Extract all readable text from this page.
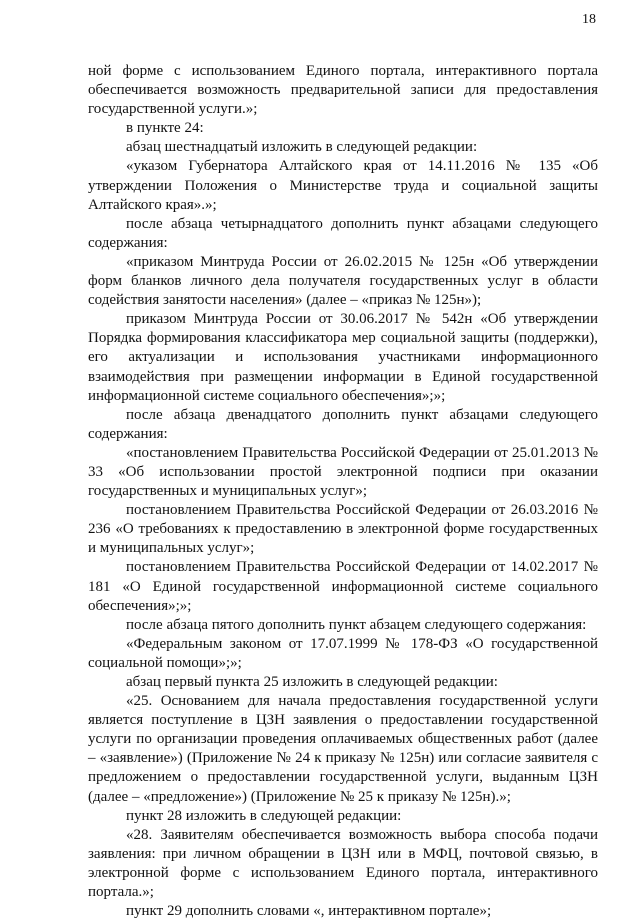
18

ной форме с использованием Единого портала, интерактивного портала обеспечивается возможность предварительной записи для предоставления государственной услуги.»;

в пункте 24:

абзац шестнадцатый изложить в следующей редакции:

«указом Губернатора Алтайского края от 14.11.2016 № 135 «Об утверждении Положения о Министерстве труда и социальной защиты Алтайского края».»;

после абзаца четырнадцатого дополнить пункт абзацами следующего содержания:

«приказом Минтруда России от 26.02.2015 № 125н «Об утверждении форм бланков личного дела получателя государственных услуг в области содействия занятости населения» (далее – «приказ № 125н»);

приказом Минтруда России от 30.06.2017 № 542н «Об утверждении Порядка формирования классификатора мер социальной защиты (поддержки), его актуализации и использования участниками информационного взаимодействия при размещении информации в Единой государственной информационной системе социального обеспечения»;»;

после абзаца двенадцатого дополнить пункт абзацами следующего содержания:

«постановлением Правительства Российской Федерации от 25.01.2013 № 33 «Об использовании простой электронной подписи при оказании государственных и муниципальных услуг»;

постановлением Правительства Российской Федерации от 26.03.2016 № 236 «О требованиях к предоставлению в электронной форме государственных и муниципальных услуг»;

постановлением Правительства Российской Федерации от 14.02.2017 № 181 «О Единой государственной информационной системе социального обеспечения»;»;

после абзаца пятого дополнить пункт абзацем следующего содержания:

«Федеральным законом от 17.07.1999 № 178-ФЗ «О государственной социальной помощи»;»;

абзац первый пункта 25 изложить в следующей редакции:

«25. Основанием для начала предоставления государственной услуги является поступление в ЦЗН заявления о предоставлении государственной услуги по организации проведения оплачиваемых общественных работ (далее – «заявление») (Приложение № 24 к приказу № 125н) или согласие заявителя с предложением о предоставлении государственной услуги, выданным ЦЗН (далее – «предложение») (Приложение № 25 к приказу № 125н).»;

пункт 28 изложить в следующей редакции:

«28. Заявителям обеспечивается возможность выбора способа подачи заявления: при личном обращении в ЦЗН или в МФЦ, почтовой связью, в электронной форме с использованием Единого портала, интерактивного портала.»;

пункт 29 дополнить словами «, интерактивном портале»;
